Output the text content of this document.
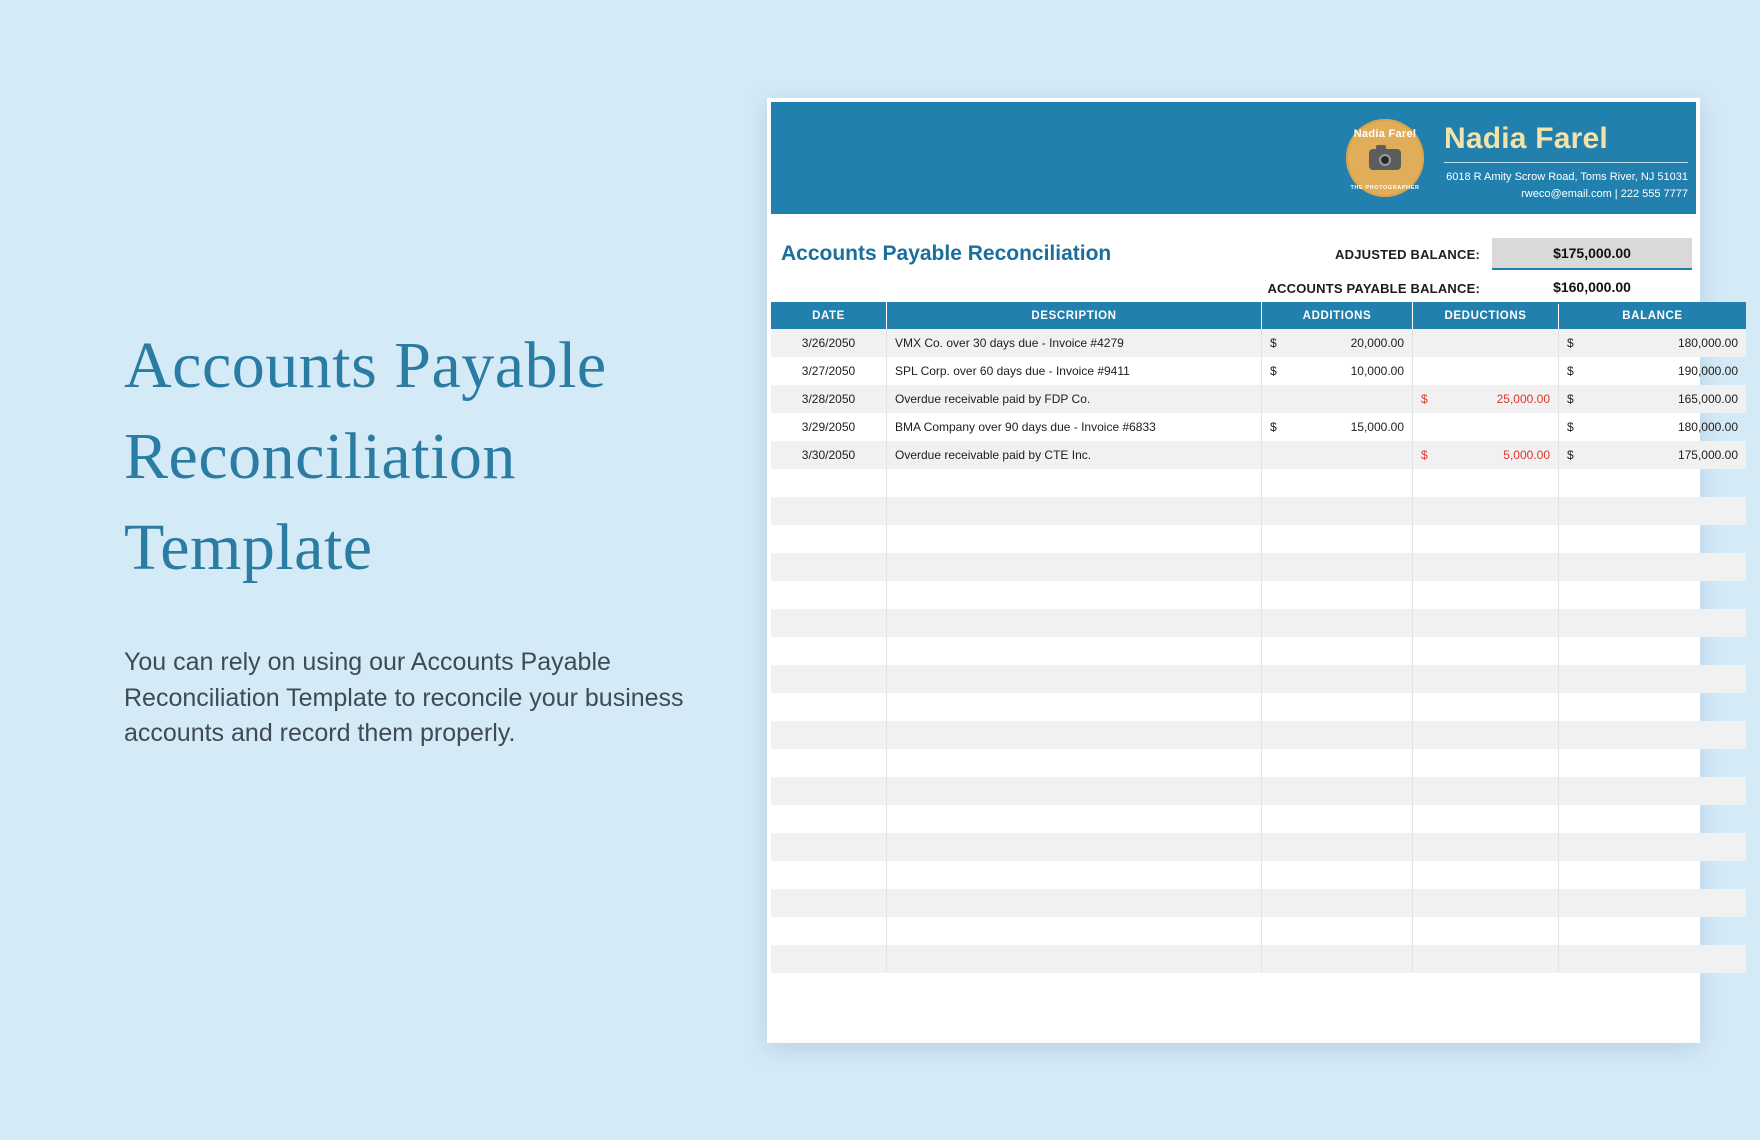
Accounts Payable Reconciliation Template
You can rely on using our Accounts Payable Reconciliation Template to reconcile your business accounts and record them properly.
Nadia Farel
THE PHOTOGRAPHER
Nadia Farel
6018 R Amity Scrow Road, Toms River, NJ 51031
rweco@email.com | 222 555 7777
Accounts Payable Reconciliation	ADJUSTED BALANCE:	$175,000.00
ACCOUNTS PAYABLE BALANCE:	$160,000.00
DATE	DESCRIPTION	ADDITIONS	DEDUCTIONS	BALANCE
3/26/2050	VMX Co. over 30 days due - Invoice #4279	$ 20,000.00		$ 180,000.00

3/27/2050	SPL Corp. over 60 days due - Invoice #9411	$ 10,000.00		$ 190,000.00

3/28/2050	Overdue receivable paid by FDP Co.		$ 25,000.00	$ 165,000.00

3/29/2050	BMA Company over 90 days due - Invoice #6833	$ 15,000.00		$ 180,000.00

3/30/2050	Overdue receivable paid by CTE Inc.		$ 5,000.00	$ 175,000.00
